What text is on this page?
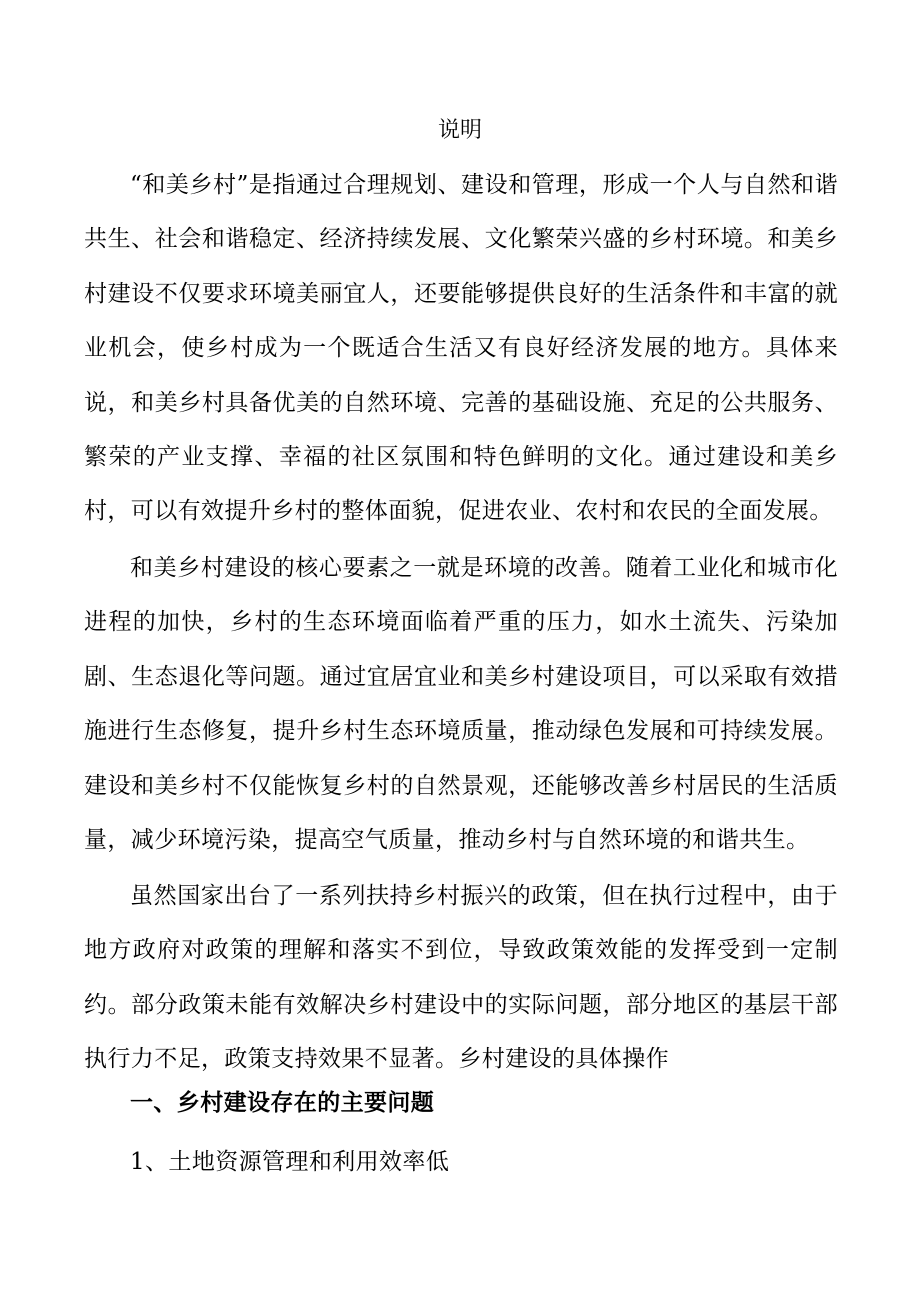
说明

“和美乡村”是指通过合理规划、建设和管理，形成一个人与自然和谐共生、社会和谐稳定、经济持续发展、文化繁荣兴盛的乡村环境。和美乡村建设不仅要求环境美丽宜人，还要能够提供良好的生活条件和丰富的就业机会，使乡村成为一个既适合生活又有良好经济发展的地方。具体来说，和美乡村具备优美的自然环境、完善的基础设施、充足的公共服务、繁荣的产业支撑、幸福的社区氛围和特色鲜明的文化。通过建设和美乡村，可以有效提升乡村的整体面貌，促进农业、农村和农民的全面发展。

和美乡村建设的核心要素之一就是环境的改善。随着工业化和城市化进程的加快，乡村的生态环境面临着严重的压力，如水土流失、污染加剧、生态退化等问题。通过宜居宜业和美乡村建设项目，可以采取有效措施进行生态修复，提升乡村生态环境质量，推动绿色发展和可持续发展。建设和美乡村不仅能恢复乡村的自然景观，还能够改善乡村居民的生活质量，减少环境污染，提高空气质量，推动乡村与自然环境的和谐共生。

虽然国家出台了一系列扶持乡村振兴的政策，但在执行过程中，由于地方政府对政策的理解和落实不到位，导致政策效能的发挥受到一定制约。部分政策未能有效解决乡村建设中的实际问题，部分地区的基层干部执行力不足，政策支持效果不显著。乡村建设的具体操作

一、乡村建设存在的主要问题
1、土地资源管理和利用效率低
